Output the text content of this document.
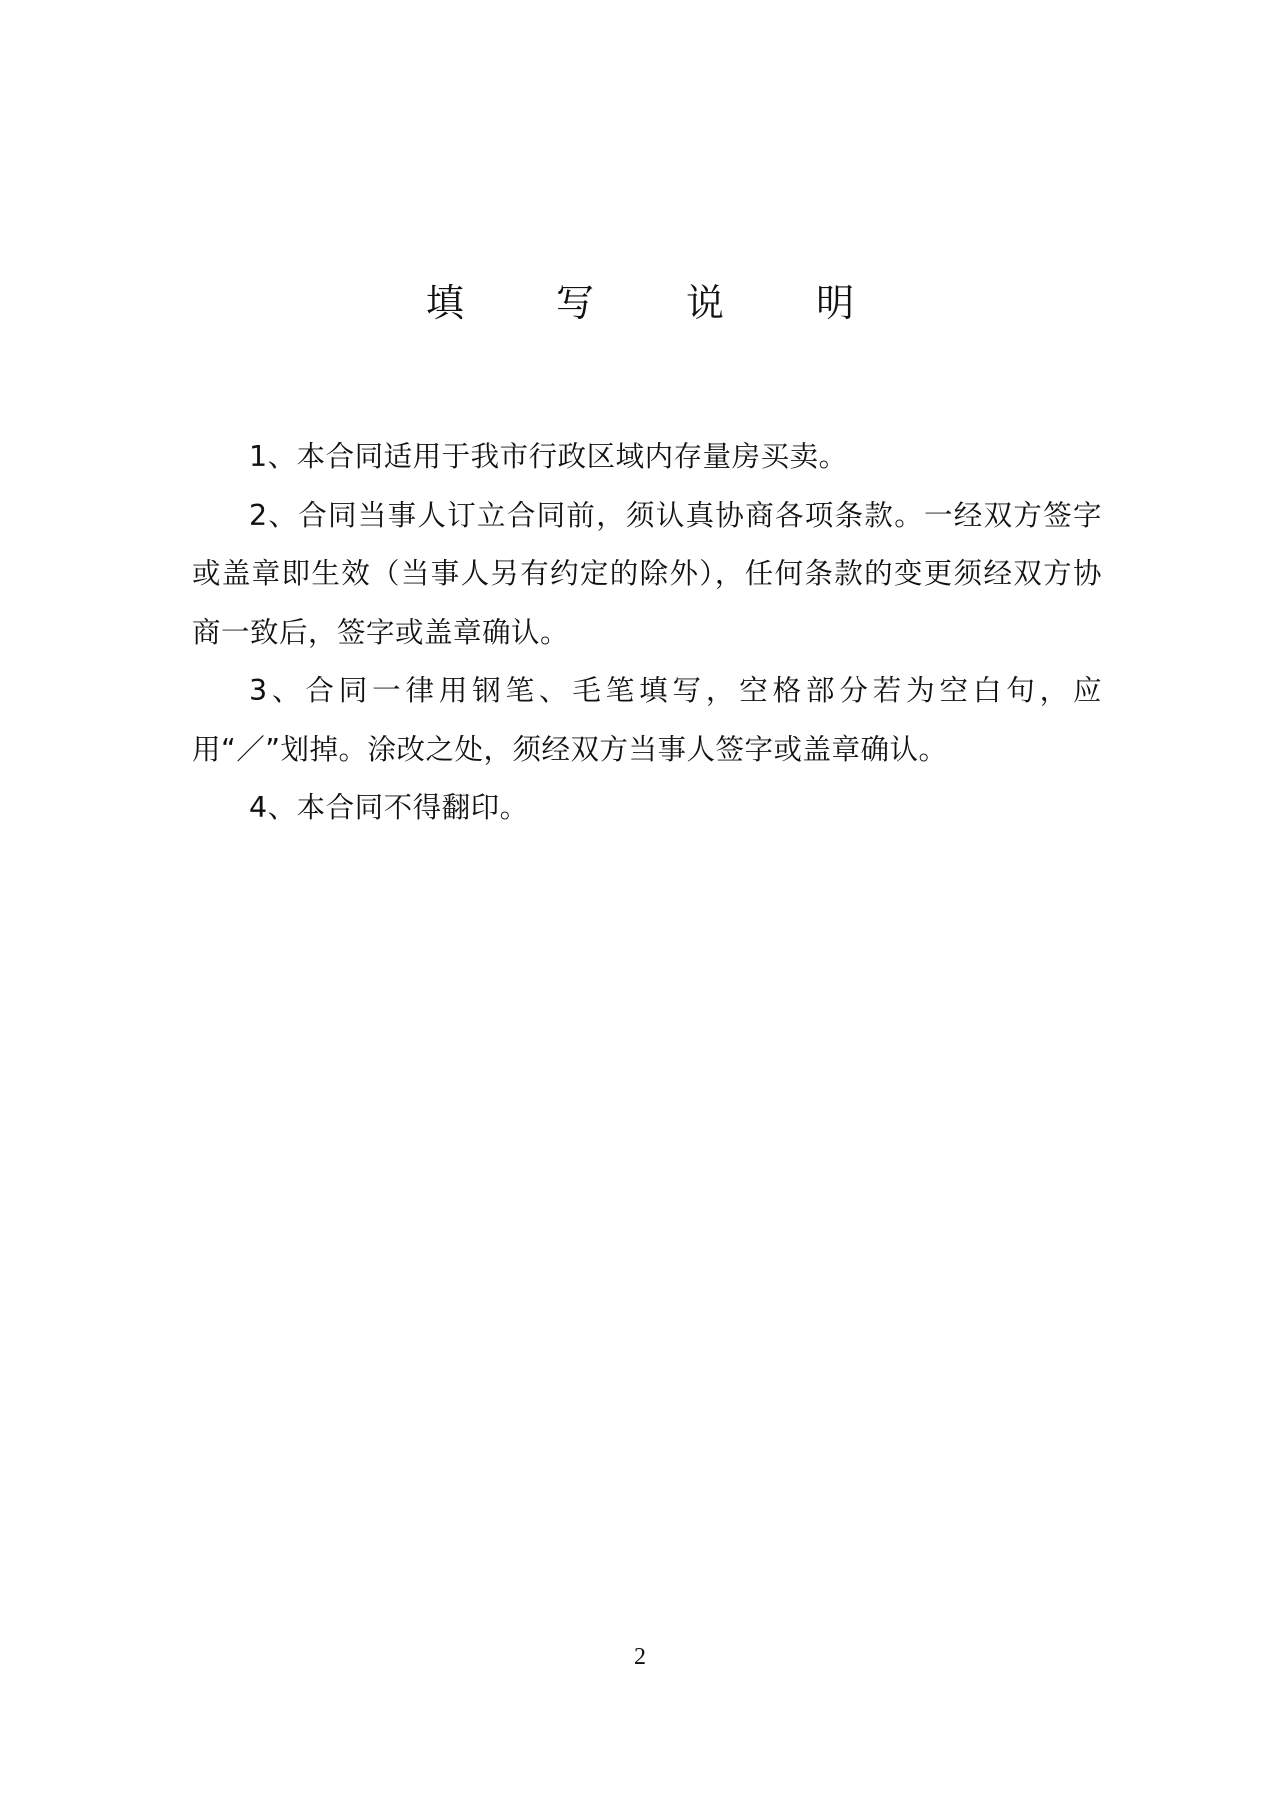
填 写 说 明

1、本合同适用于我市行政区域内存量房买卖。

2、合同当事人订立合同前，须认真协商各项条款。一经双方签字或盖章即生效（当事人另有约定的除外），任何条款的变更须经双方协商一致后，签字或盖章确认。

3、合同一律用钢笔、毛笔填写，空格部分若为空白句，应用“／”划掉。涂改之处，须经双方当事人签字或盖章确认。

4、本合同不得翻印。

2
